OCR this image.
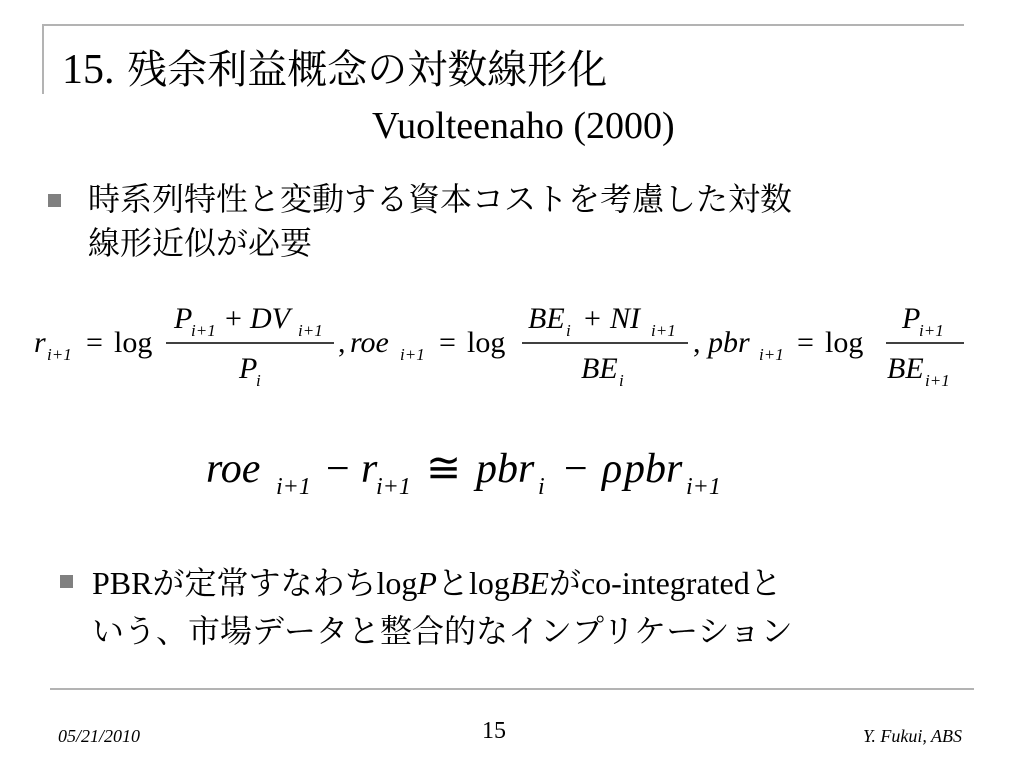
15. 残余利益概念の対数線形化
Vuolteenaho (2000)
時系列特性と変動する資本コストを考慮した対数
線形近似が必要
r i+1 = log
P
i+1 + DV i+1
P
i
, roe i+1 = log
BE i + NI i+1
BE i
, pbr i+1 = log
P
i+1
BE i+1
roe i+1 − r
i+1 ≅ pbr i − ρ pbr i+1
PBRが定常すなわちlogPとlogBEがco-integratedと
いう、市場データと整合的なインプリケーション
05/21/2010	15	Y. Fukui, ABS
